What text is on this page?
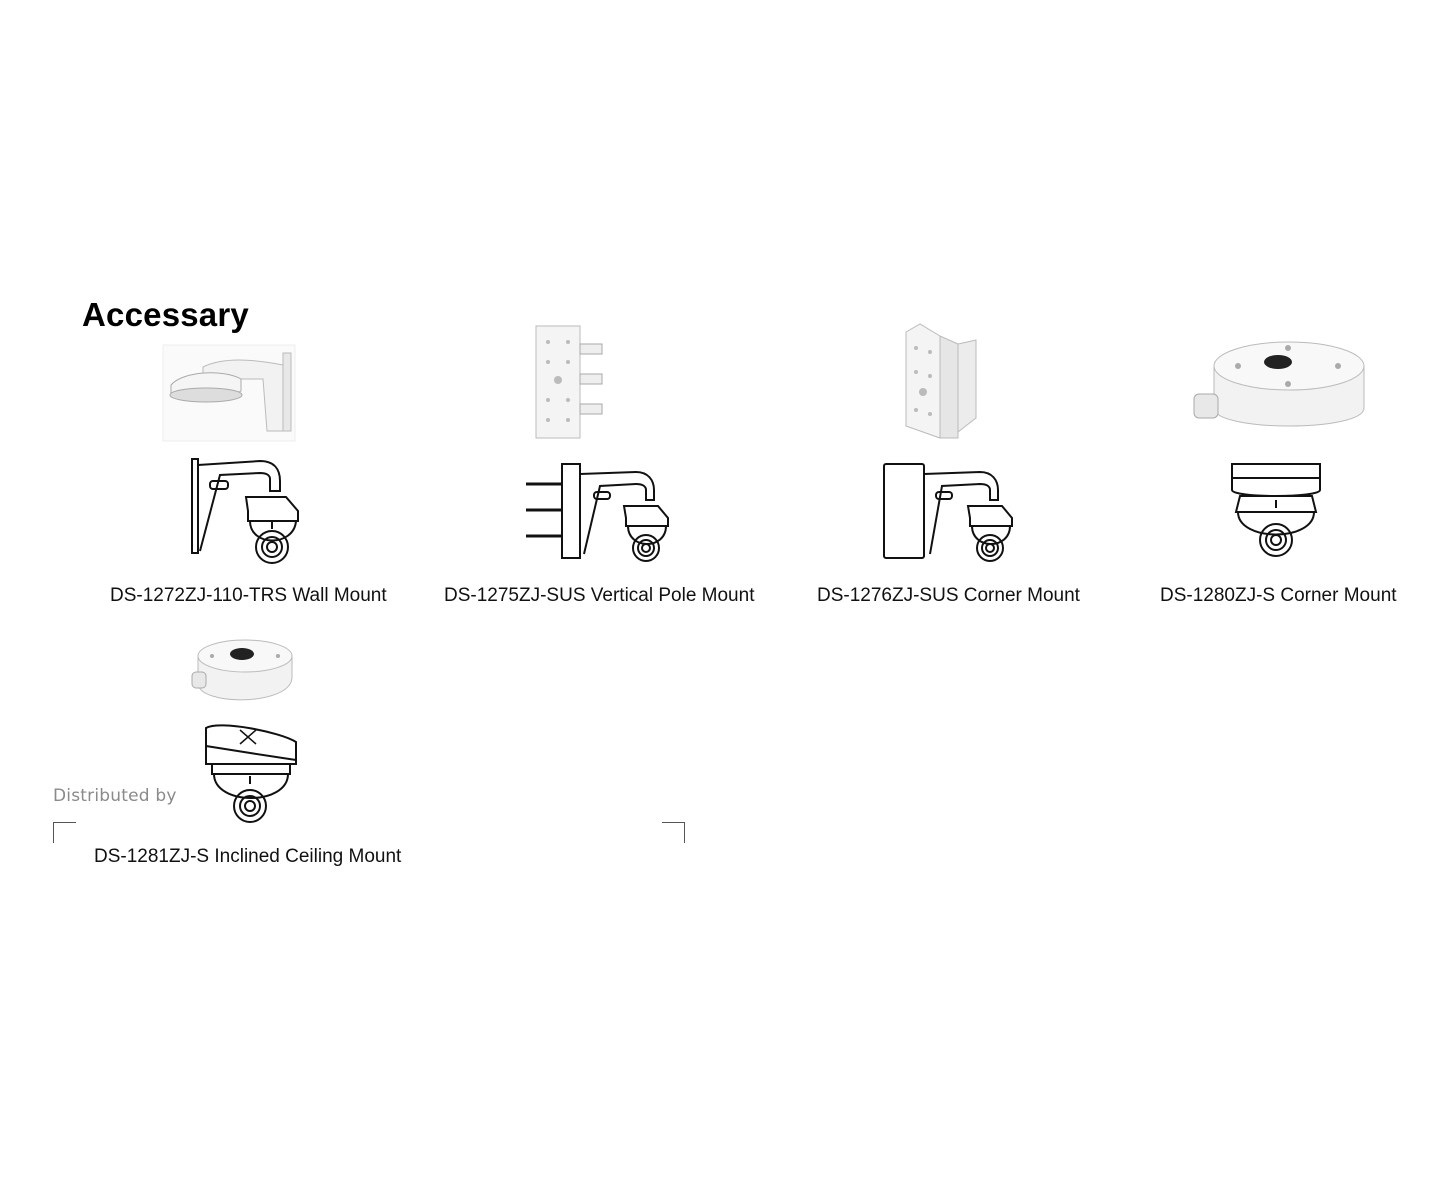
Accessary
DS-1272ZJ-110-TRS Wall Mount	DS-1275ZJ-SUS Vertical Pole Mount	DS-1276ZJ-SUS Corner Mount	DS-1280ZJ-S Corner Mount
DS-1281ZJ-S Inclined Ceiling Mount
Distributed by
